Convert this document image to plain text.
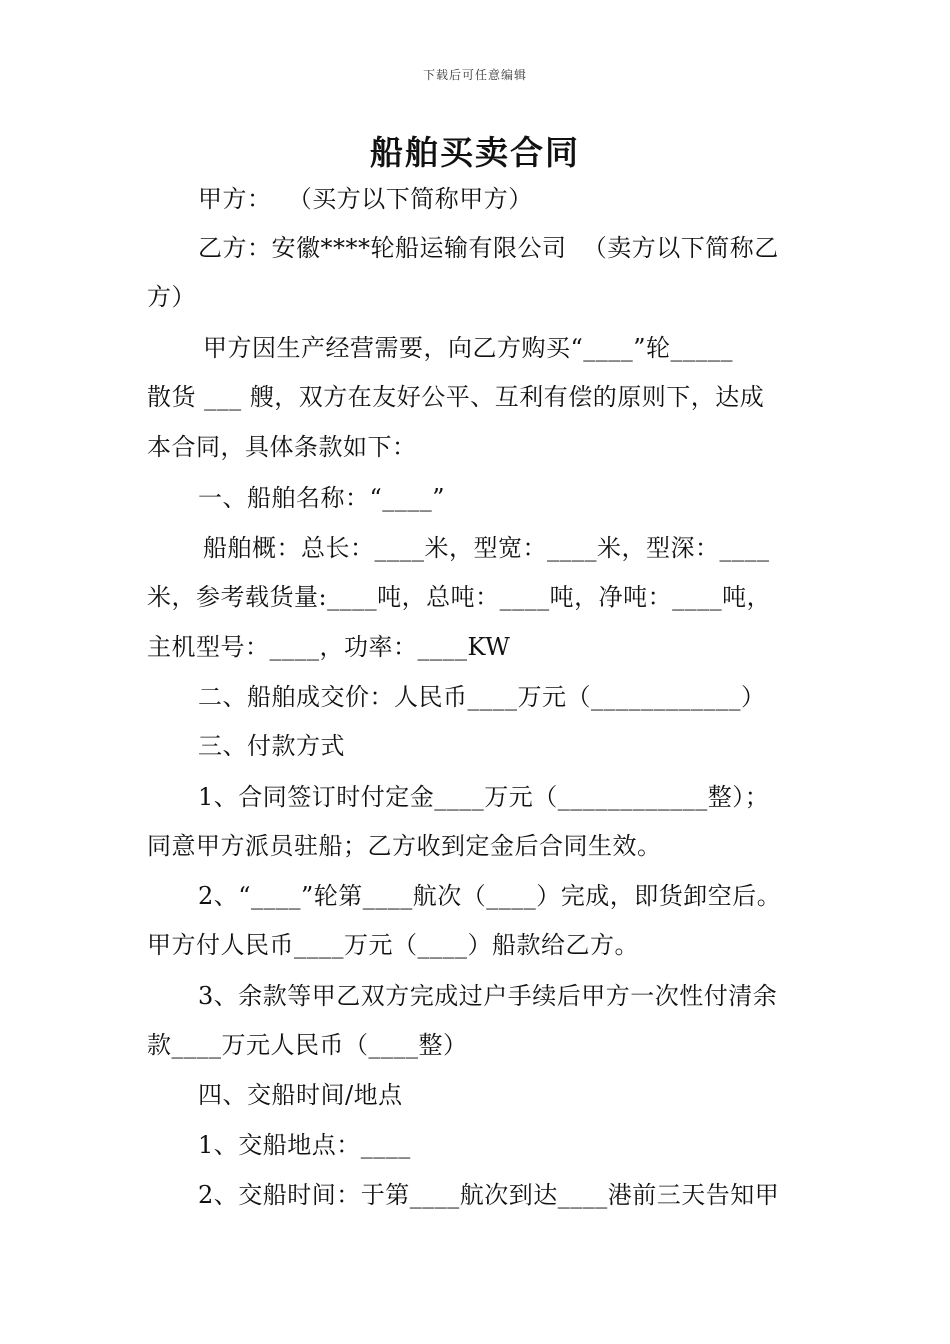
下载后可任意编辑
船舶买卖合同
甲方：  （买方以下简称甲方）
乙方：安徽****轮船运输有限公司  （卖方以下简称乙
方）
甲方因生产经营需要，向乙方购买“____”轮_____
散货 ___ 艘，双方在友好公平、互利有偿的原则下，达成
本合同，具体条款如下：
一、船舶名称：“____”
船舶概：总长：____米，型宽：____米，型深：____
米，参考载货量:____吨，总吨：____吨，净吨：____吨，
主机型号：____，功率：____KW
二、船舶成交价：人民币____万元（____________）
三、付款方式
1、合同签订时付定金____万元（____________整）；
同意甲方派员驻船；乙方收到定金后合同生效。
2、“____”轮第____航次（____）完成，即货卸空后。
甲方付人民币____万元（____）船款给乙方。
3、余款等甲乙双方完成过户手续后甲方一次性付清余
款____万元人民币（____整）
四、交船时间/地点
1、交船地点：____
2、交船时间：于第____航次到达____港前三天告知甲
